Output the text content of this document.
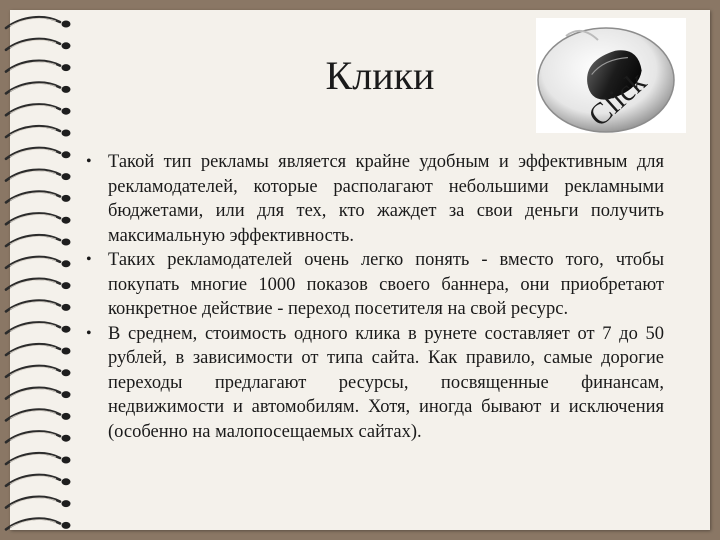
Клики	Click
• Такой тип рекламы является крайне удобным и эффективным для рекламодателей, которые располагают небольшими рекламными бюджетами, или для тех, кто жаждет за свои деньги получить максимальную эффективность.
• Таких рекламодателей очень легко понять - вместо того, чтобы покупать многие 1000 показов своего баннера, они приобретают конкретное действие - переход посетителя на свой ресурс.
• В среднем, стоимость одного клика в рунете составляет от 7 до 50 рублей, в зависимости от типа сайта. Как правило, самые дорогие переходы предлагают ресурсы, посвященные финансам, недвижимости и автомобилям. Хотя, иногда бывают и исключения (особенно на малопосещаемых сайтах).
